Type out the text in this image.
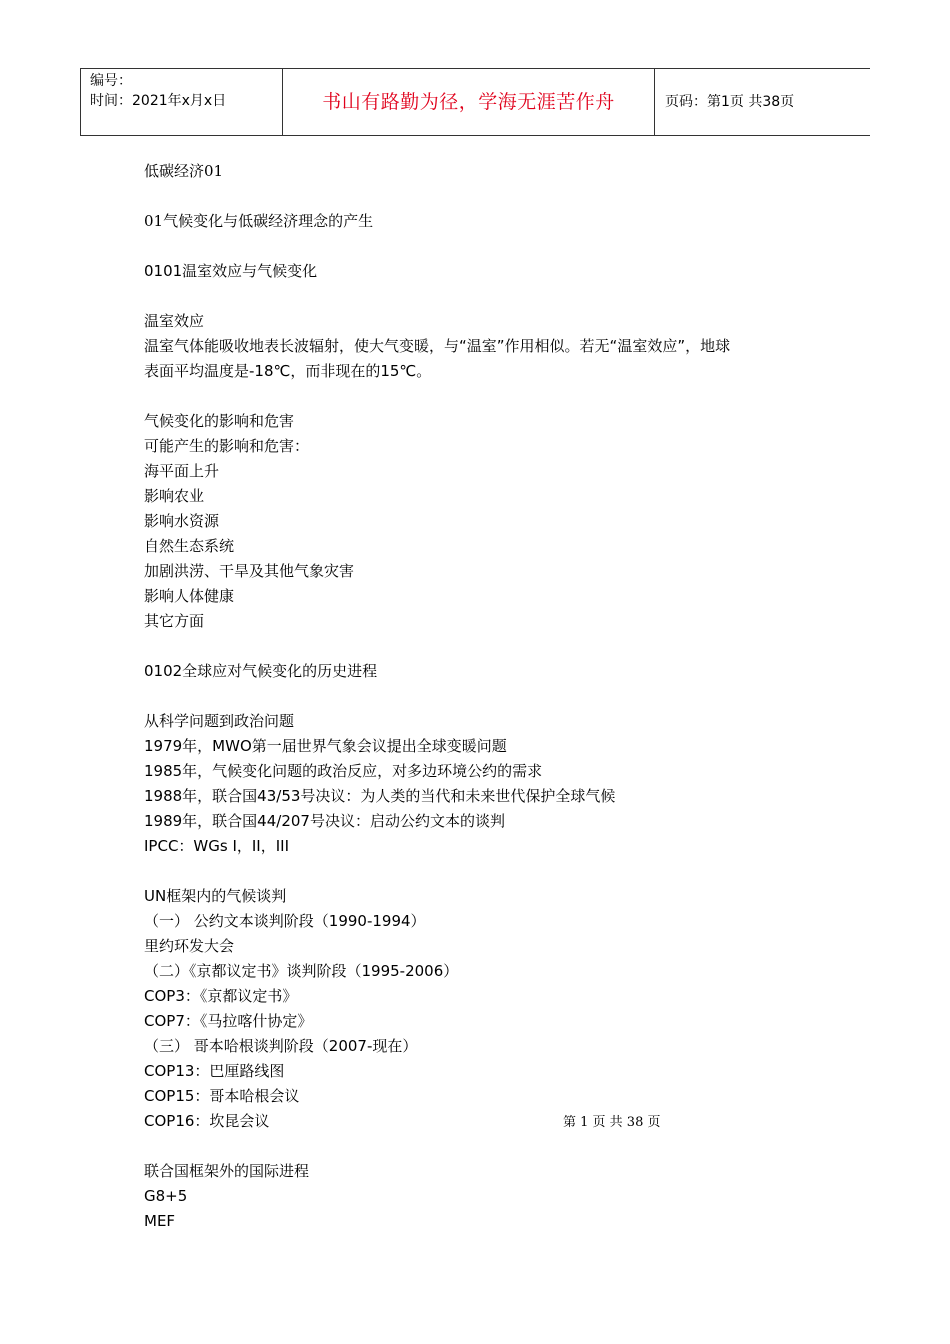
编号：
时间：2021年x月x日	书山有路勤为径，学海无涯苦作舟	页码：第1页 共38页
低碳经济01
01气候变化与低碳经济理念的产生
0101温室效应与气候变化
温室效应
温室气体能吸收地表长波辐射，使大气变暖，与“温室”作用相似。若无“温室效应”，地球
表面平均温度是-18℃，而非现在的15℃。
气候变化的影响和危害
可能产生的影响和危害：
海平面上升
影响农业
影响水资源
自然生态系统
加剧洪涝、干旱及其他气象灾害
影响人体健康
其它方面
0102全球应对气候变化的历史进程
从科学问题到政治问题
1979年，MWO第一届世界气象会议提出全球变暖问题
1985年，气候变化问题的政治反应，对多边环境公约的需求
1988年，联合国43/53号决议：为人类的当代和未来世代保护全球气候
1989年，联合国44/207号决议：启动公约文本的谈判
IPCC：WGs I，II，III
UN框架内的气候谈判
（一） 公约文本谈判阶段（1990-1994）
里约环发大会
（二）《京都议定书》谈判阶段（1995-2006）
COP3：《京都议定书》
COP7：《马拉喀什协定》
（三） 哥本哈根谈判阶段（2007-现在）
COP13：巴厘路线图
COP15：哥本哈根会议
COP16：坎昆会议
联合国框架外的国际进程
G8+5
MEF
第 1 页 共 38 页
